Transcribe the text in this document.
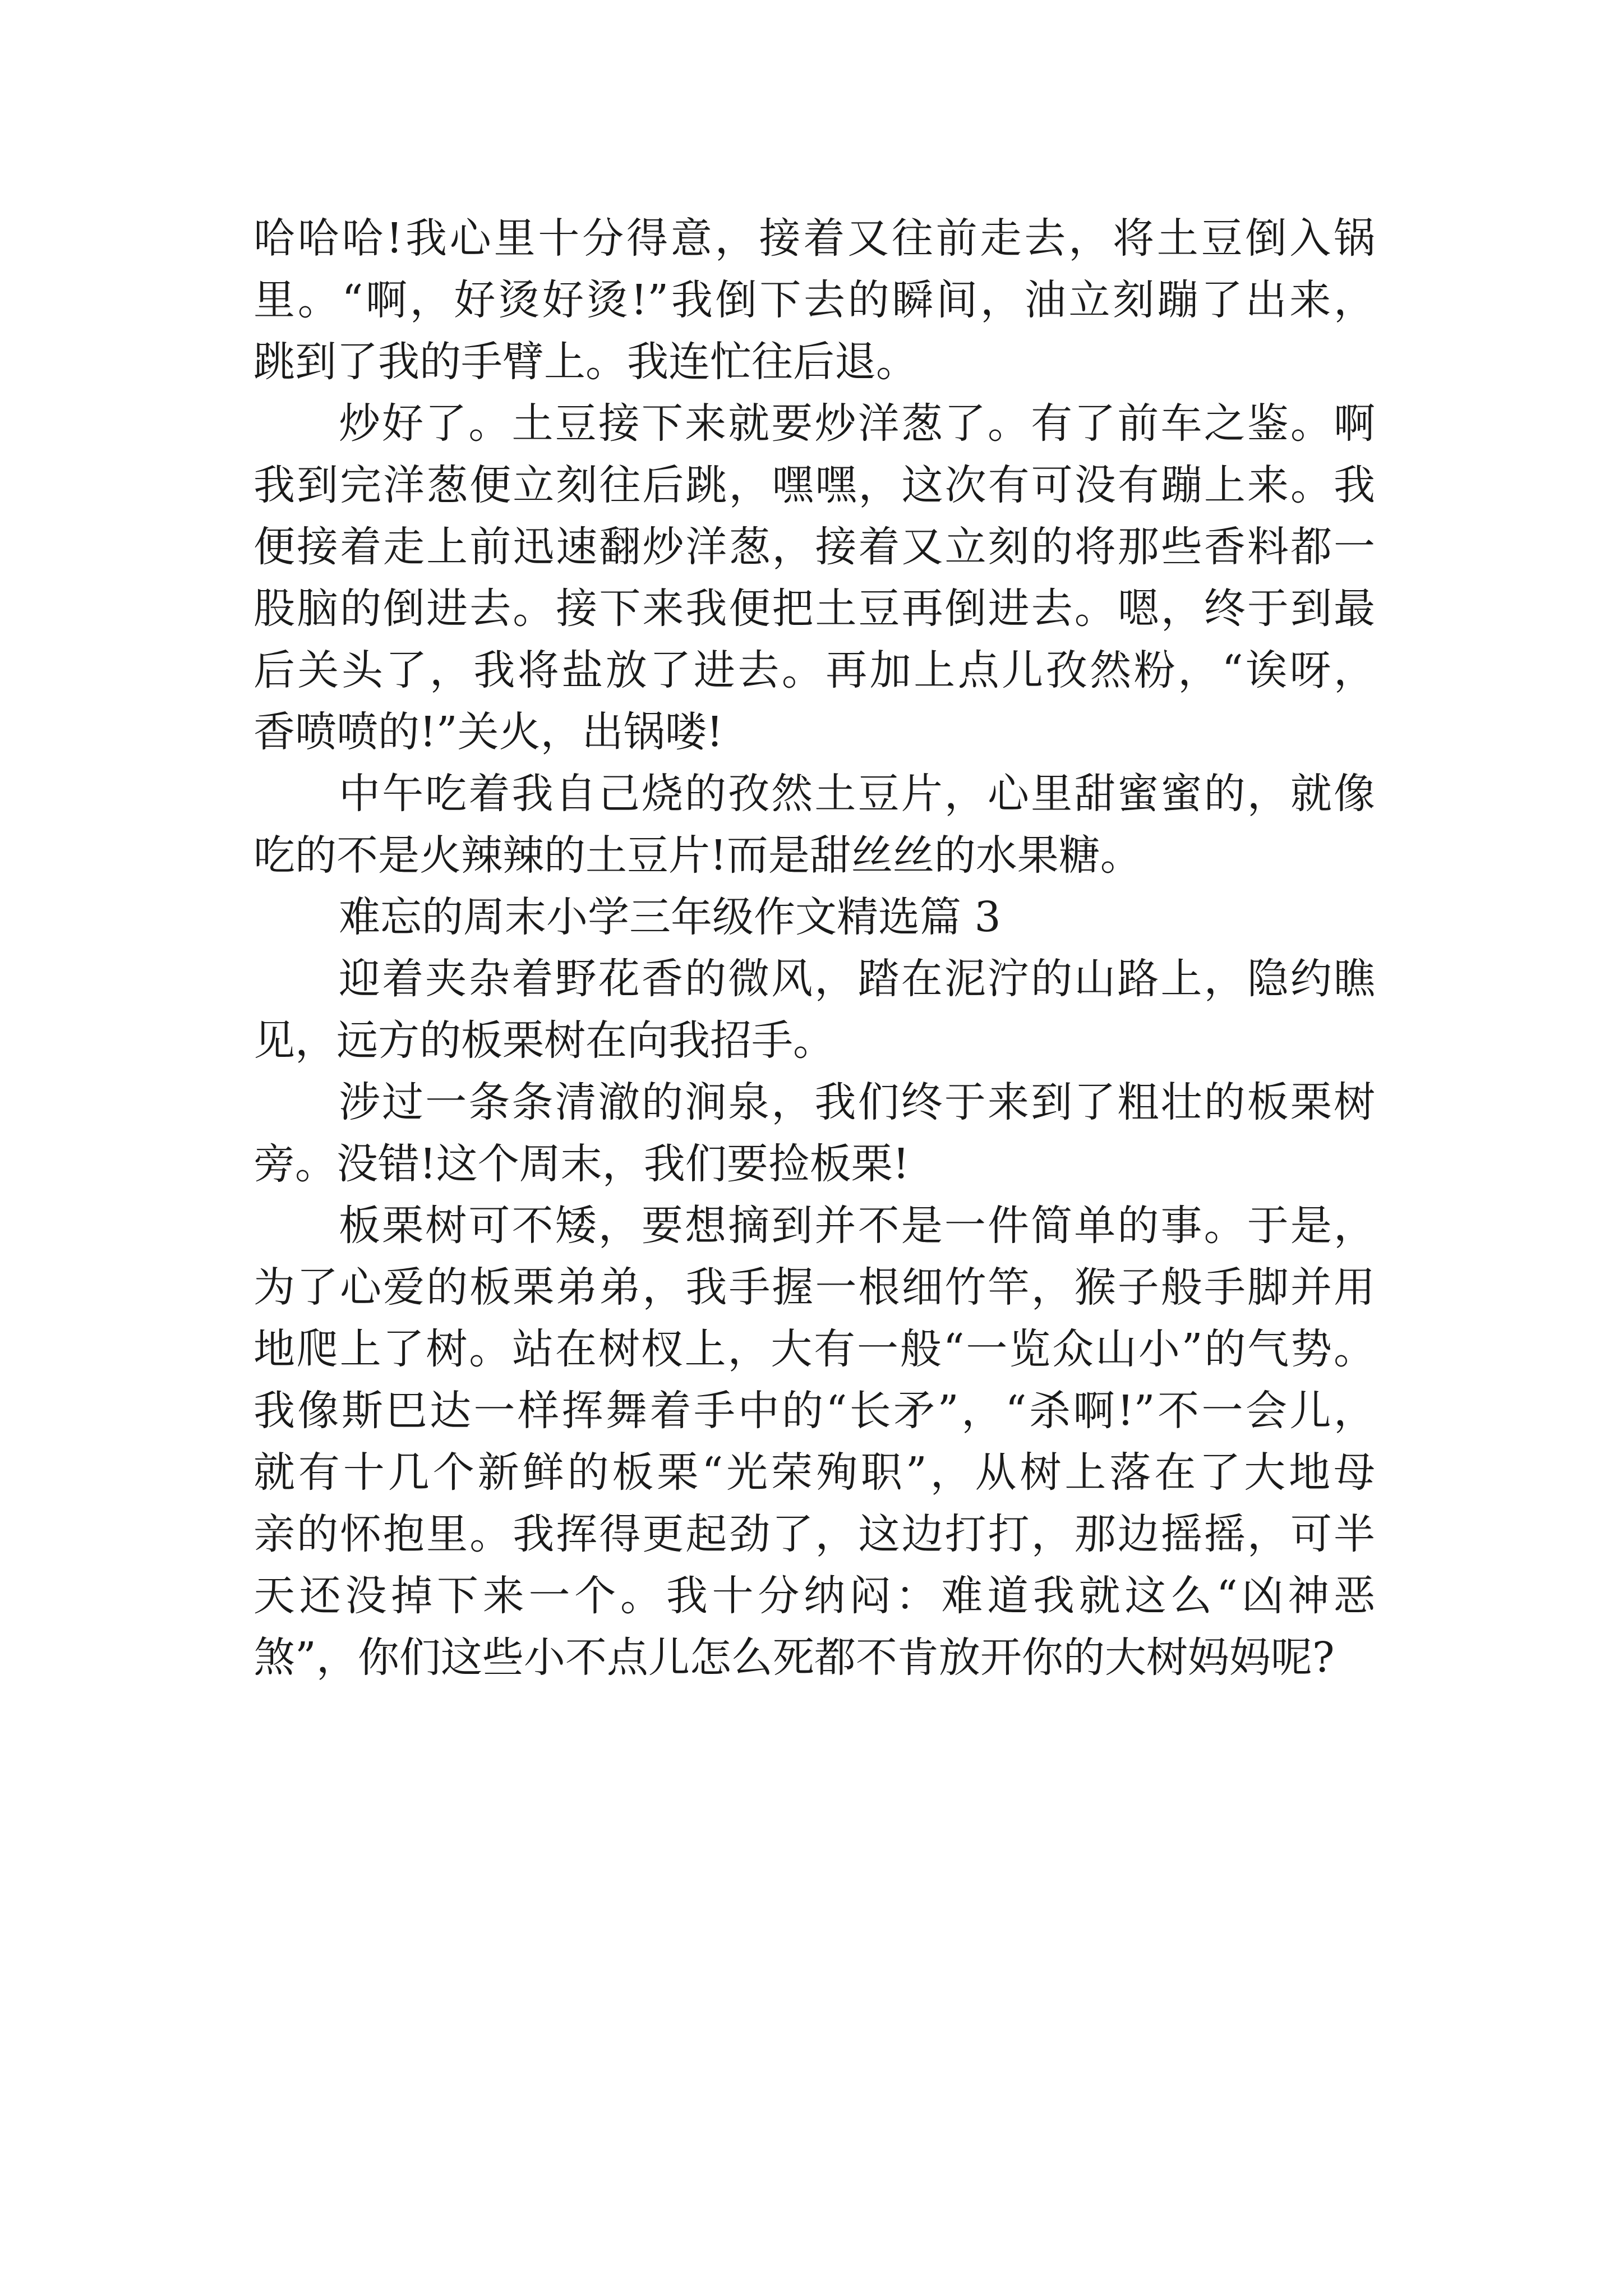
哈哈哈!我心里十分得意，接着又往前走去，将土豆倒入锅
里。“啊，好烫好烫!”我倒下去的瞬间，油立刻蹦了出来，
跳到了我的手臂上。我连忙往后退。
炒好了。土豆接下来就要炒洋葱了。有了前车之鉴。啊
我到完洋葱便立刻往后跳，嘿嘿，这次有可没有蹦上来。我
便接着走上前迅速翻炒洋葱，接着又立刻的将那些香料都一
股脑的倒进去。接下来我便把土豆再倒进去。嗯，终于到最
后关头了，我将盐放了进去。再加上点儿孜然粉，“诶呀，
香喷喷的!”关火，出锅喽!
中午吃着我自己烧的孜然土豆片，心里甜蜜蜜的，就像
吃的不是火辣辣的土豆片!而是甜丝丝的水果糖。
难忘的周末小学三年级作文精选篇 3
迎着夹杂着野花香的微风，踏在泥泞的山路上，隐约瞧
见，远方的板栗树在向我招手。
涉过一条条清澈的涧泉，我们终于来到了粗壮的板栗树
旁。没错!这个周末，我们要捡板栗!
板栗树可不矮，要想摘到并不是一件简单的事。于是，
为了心爱的板栗弟弟，我手握一根细竹竿，猴子般手脚并用
地爬上了树。站在树杈上，大有一般“一览众山小”的气势。
我像斯巴达一样挥舞着手中的“长矛”，“杀啊!”不一会儿，
就有十几个新鲜的板栗“光荣殉职”，从树上落在了大地母
亲的怀抱里。我挥得更起劲了，这边打打，那边摇摇，可半
天还没掉下来一个。我十分纳闷：难道我就这么“凶神恶
煞”，你们这些小不点儿怎么死都不肯放开你的大树妈妈呢?
